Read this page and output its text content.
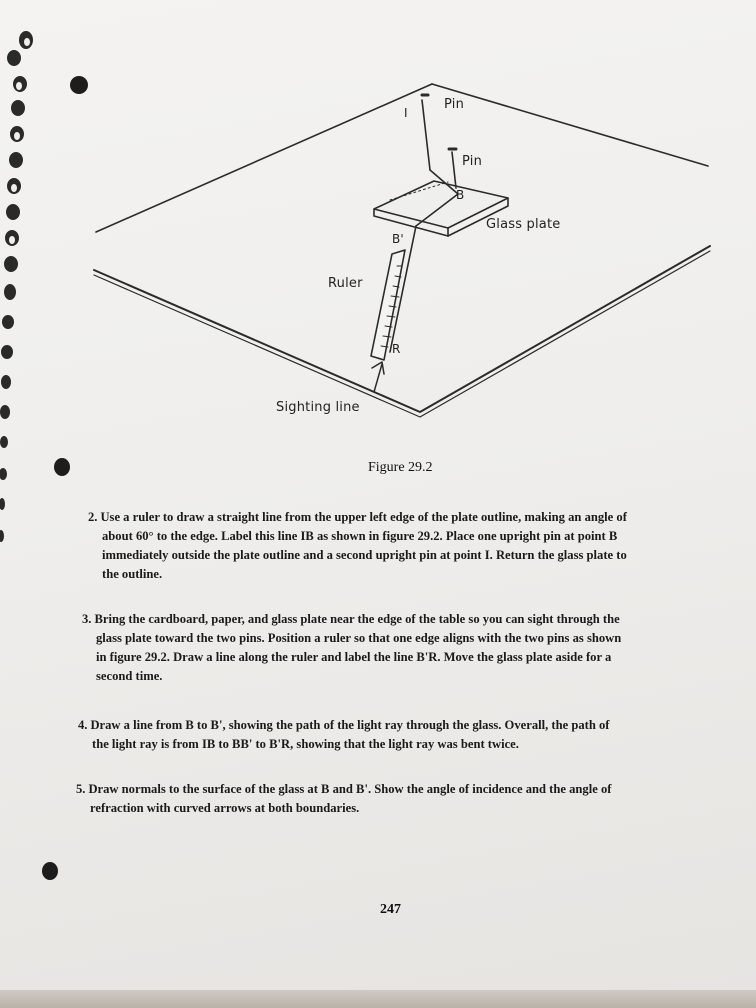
Pin
Pin
I
B
B'
R
Glass plate
Ruler
Sighting line
Figure 29.2
2. Use a ruler to draw a straight line from the upper left edge of the plate outline, making an angle of
about 60° to the edge. Label this line IB as shown in figure 29.2. Place one upright pin at point B
immediately outside the plate outline and a second upright pin at point I. Return the glass plate to
the outline.
3. Bring the cardboard, paper, and glass plate near the edge of the table so you can sight through the
glass plate toward the two pins. Position a ruler so that one edge aligns with the two pins as shown
in figure 29.2. Draw a line along the ruler and label the line B'R. Move the glass plate aside for a
second time.
4. Draw a line from B to B', showing the path of the light ray through the glass. Overall, the path of
the light ray is from IB to BB' to B'R, showing that the light ray was bent twice.
5. Draw normals to the surface of the glass at B and B'. Show the angle of incidence and the angle of
refraction with curved arrows at both boundaries.
247
